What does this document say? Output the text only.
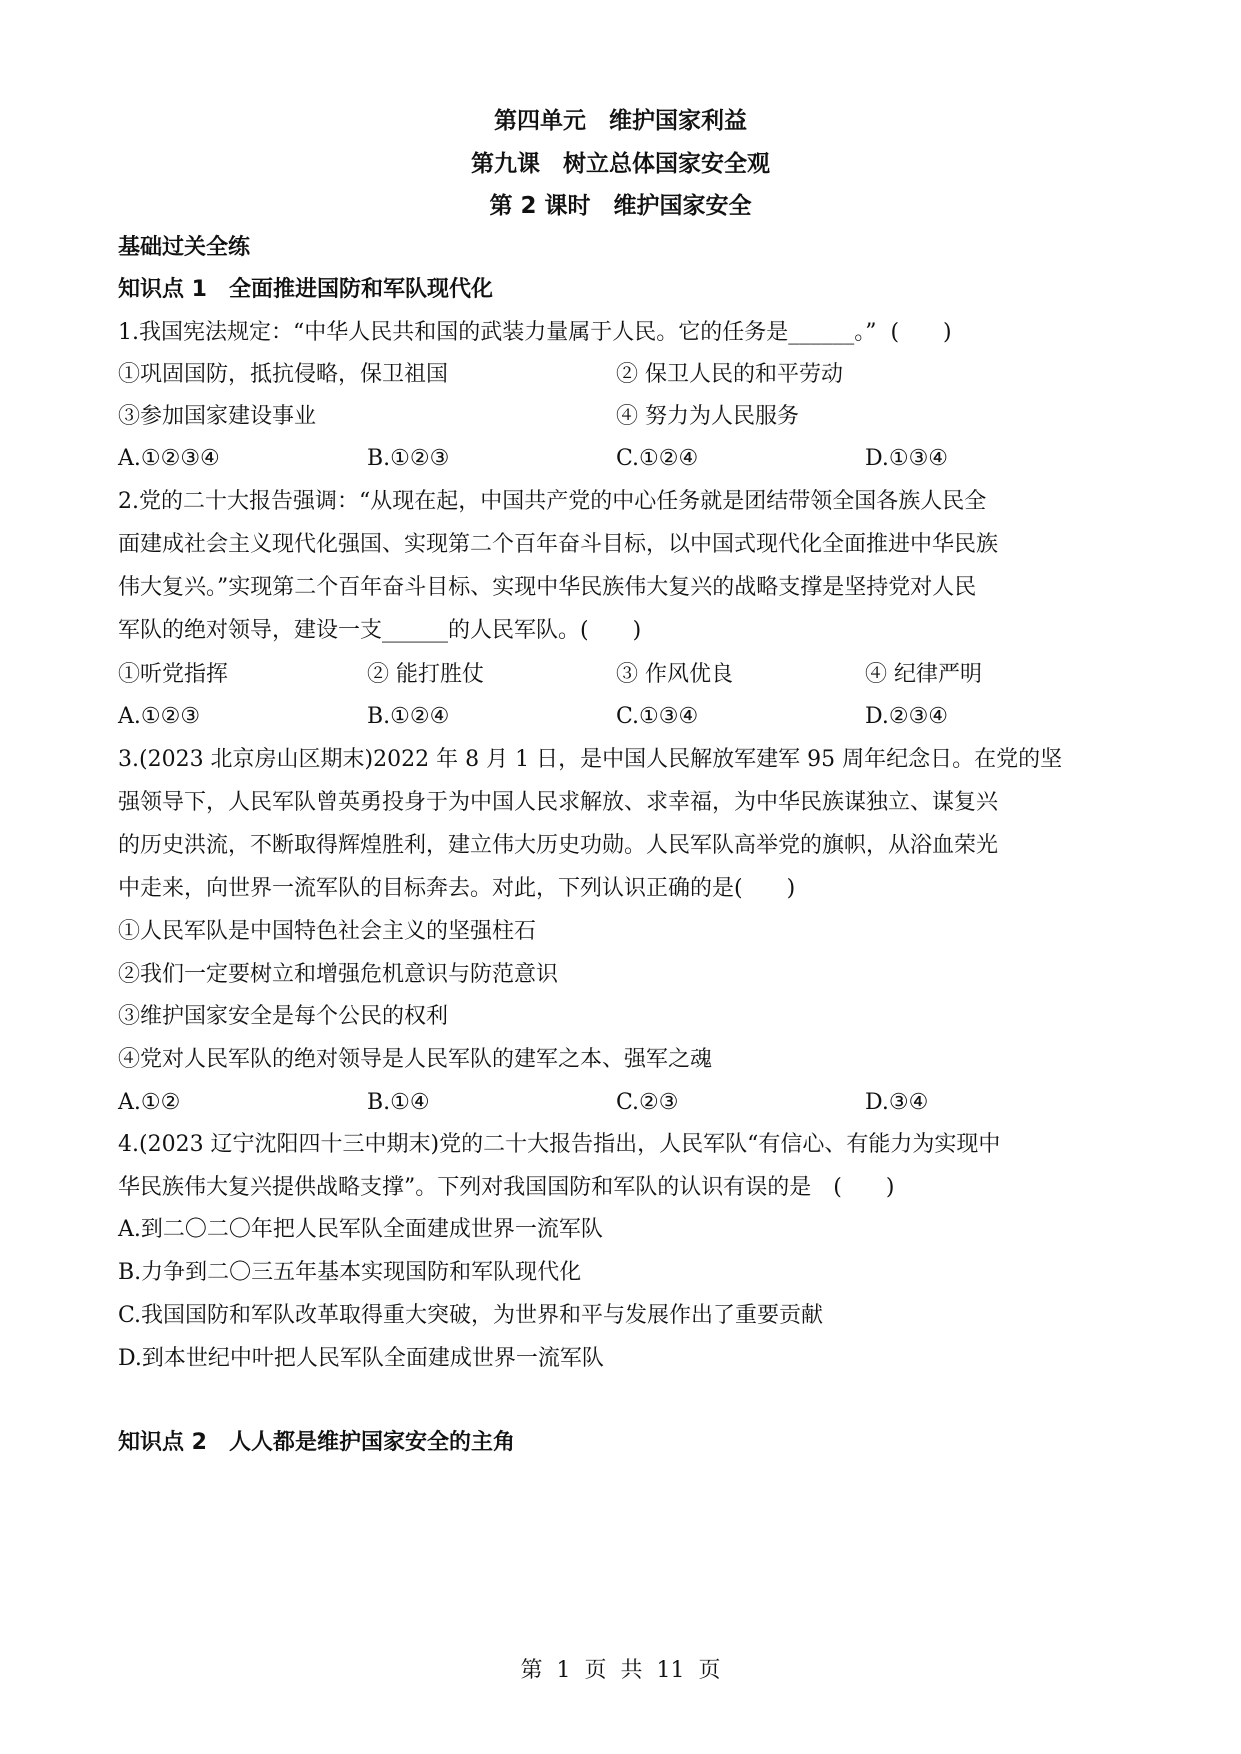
第四单元　维护国家利益
第九课　树立总体国家安全观
第 2 课时　维护国家安全
基础过关全练
知识点 1　全面推进国防和军队现代化
1.我国宪法规定：“中华人民共和国的武装力量属于人民。它的任务是______。”  (　　)
①巩固国防，抵抗侵略，保卫祖国	② 保卫人民的和平劳动
③参加国家建设事业	④ 努力为人民服务
A.①②③④	B.①②③	C.①②④	D.①③④
2.党的二十大报告强调：“从现在起，中国共产党的中心任务就是团结带领全国各族人民全
面建成社会主义现代化强国、实现第二个百年奋斗目标，以中国式现代化全面推进中华民族
伟大复兴。”实现第二个百年奋斗目标、实现中华民族伟大复兴的战略支撑是坚持党对人民
军队的绝对领导，建设一支______的人民军队。(　　)
①听党指挥	② 能打胜仗	③ 作风优良	④ 纪律严明
A.①②③	B.①②④	C.①③④	D.②③④
3.(2023 北京房山区期末)2022 年 8 月 1 日，是中国人民解放军建军 95 周年纪念日。在党的坚
强领导下，人民军队曾英勇投身于为中国人民求解放、求幸福，为中华民族谋独立、谋复兴
的历史洪流，不断取得辉煌胜利，建立伟大历史功勋。人民军队高举党的旗帜，从浴血荣光
中走来，向世界一流军队的目标奔去。对此，下列认识正确的是(　　)
①人民军队是中国特色社会主义的坚强柱石
②我们一定要树立和增强危机意识与防范意识
③维护国家安全是每个公民的权利
④党对人民军队的绝对领导是人民军队的建军之本、强军之魂
A.①②	B.①④	C.②③	D.③④
4.(2023 辽宁沈阳四十三中期末)党的二十大报告指出，人民军队“有信心、有能力为实现中
华民族伟大复兴提供战略支撑”。下列对我国国防和军队的认识有误的是　(　　)
A.到二〇二〇年把人民军队全面建成世界一流军队
B.力争到二〇三五年基本实现国防和军队现代化
C.我国国防和军队改革取得重大突破，为世界和平与发展作出了重要贡献
D.到本世纪中叶把人民军队全面建成世界一流军队
知识点 2　人人都是维护国家安全的主角
第  1  页  共  11  页
